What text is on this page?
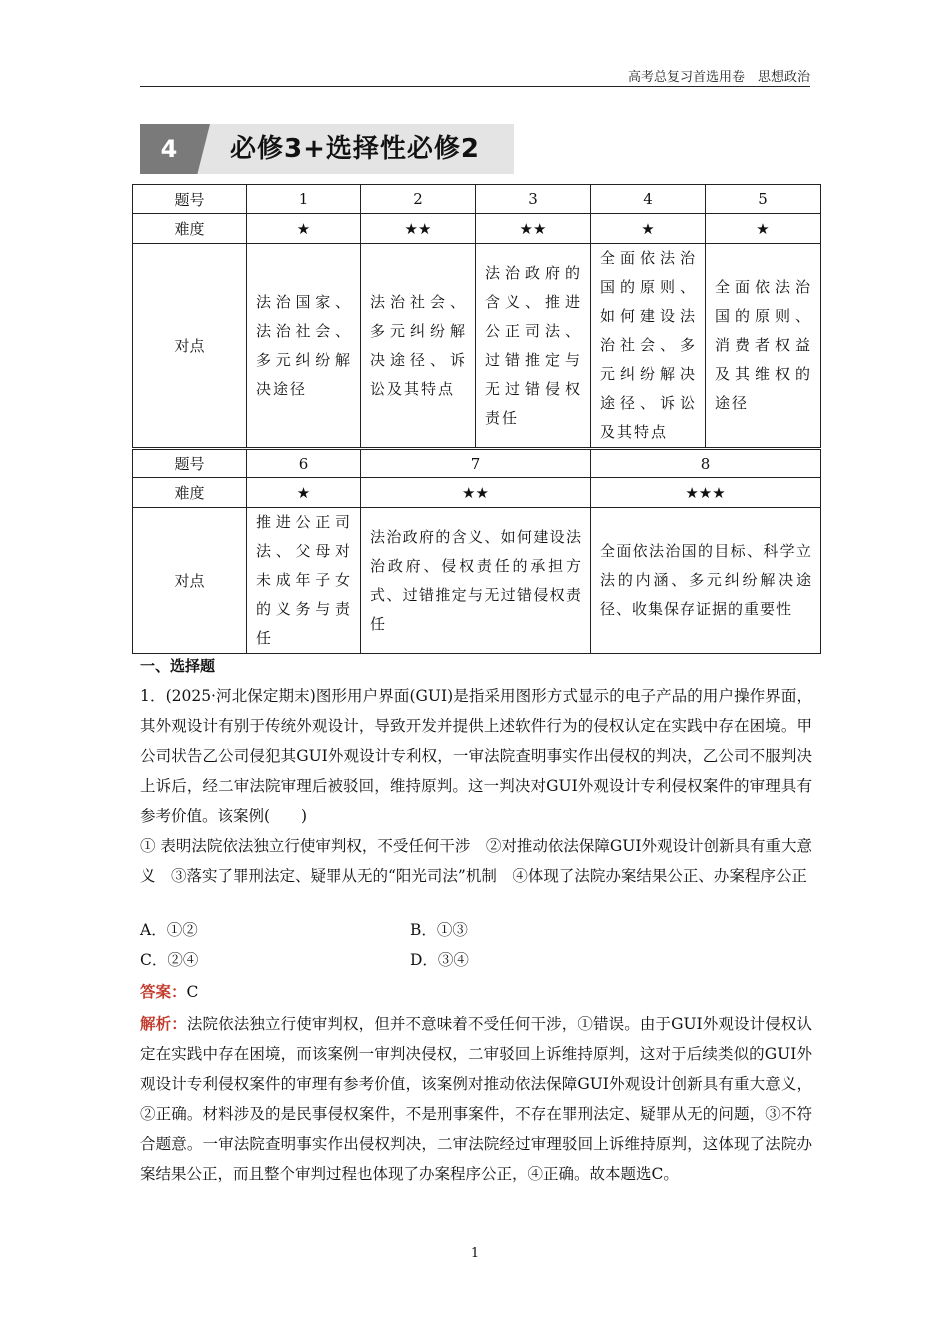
高考总复习首选用卷　思想政治
4	必修3+选择性必修2
题号	1	2	3	4	5
难度	★	★★	★★	★	★
对点	法治国家、法治社会、多元纠纷解决途径	法治社会、多元纠纷解决途径、诉讼及其特点	法治政府的含义、推进公正司法、过错推定与无过错侵权责任	全面依法治国的原则、如何建设法治社会、多元纠纷解决途径、诉讼及其特点	全面依法治国的原则、消费者权益及其维权的途径

题号	6	7		8	
难度	★	★★		★★★	
对点	推进公正司法、父母对未成年子女的义务与责任	法治政府的含义、如何建设法治政府、侵权责任的承担方式、过错推定与无过错侵权责任		全面依法治国的目标、科学立法的内涵、多元纠纷解决途径、收集保存证据的重要性	
一、选择题
1．(2025·河北保定期末)图形用户界面(GUI)是指采用图形方式显示的电子产品的用户操作界面，其外观设计有别于传统外观设计，导致开发并提供上述软件行为的侵权认定在实践中存在困境。甲公司状告乙公司侵犯其GUI外观设计专利权，一审法院查明事实作出侵权的判决，乙公司不服判决上诉后，经二审法院审理后被驳回，维持原判。这一判决对GUI外观设计专利侵权案件的审理具有参考价值。该案例(　　)
① 表明法院依法独立行使审判权，不受任何干涉　②对推动依法保障GUI外观设计创新具有重大意义　③落实了罪刑法定、疑罪从无的“阳光司法”机制　④体现了法院办案结果公正、办案程序公正
A．①②	B．①③
C．②④	D．③④
答案：C
解析：法院依法独立行使审判权，但并不意味着不受任何干涉，①错误。由于GUI外观设计侵权认定在实践中存在困境，而该案例一审判决侵权，二审驳回上诉维持原判，这对于后续类似的GUI外观设计专利侵权案件的审理有参考价值，该案例对推动依法保障GUI外观设计创新具有重大意义，②正确。材料涉及的是民事侵权案件，不是刑事案件，不存在罪刑法定、疑罪从无的问题，③不符合题意。一审法院查明事实作出侵权判决，二审法院经过审理驳回上诉维持原判，这体现了法院办案结果公正，而且整个审判过程也体现了办案程序公正，④正确。故本题选C。
1
